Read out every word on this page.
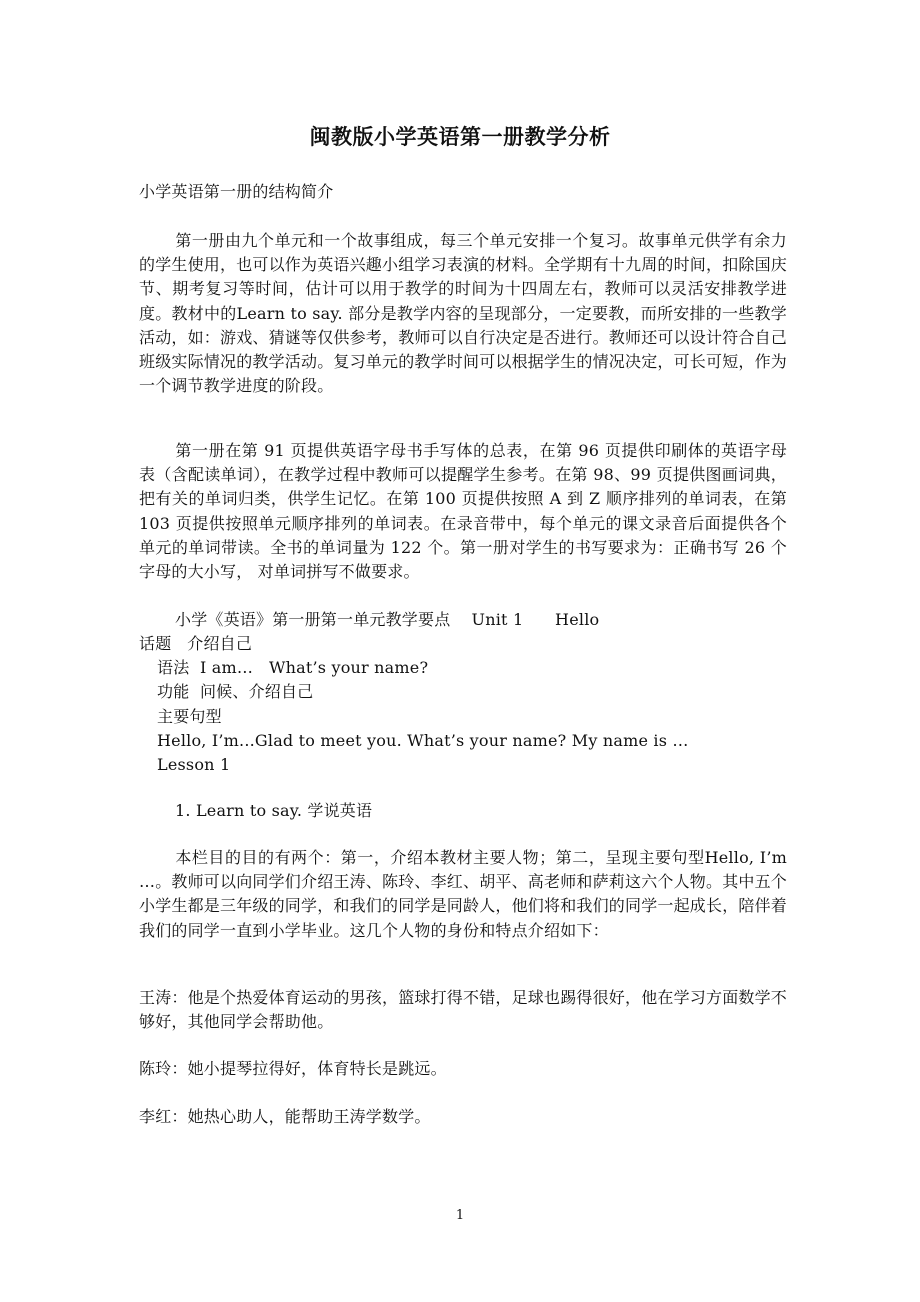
闽教版小学英语第一册教学分析
小学英语第一册的结构简介
第一册由九个单元和一个故事组成，每三个单元安排一个复习。故事单元供学有余力的学生使用，也可以作为英语兴趣小组学习表演的材料。全学期有十九周的时间，扣除国庆节、期考复习等时间，估计可以用于教学的时间为十四周左右，教师可以灵活安排教学进度。教材中的Learn to say. 部分是教学内容的呈现部分，一定要教，而所安排的一些教学活动，如：游戏、猜谜等仅供参考，教师可以自行决定是否进行。教师还可以设计符合自己班级实际情况的教学活动。复习单元的教学时间可以根据学生的情况决定，可长可短，作为一个调节教学进度的阶段。
第一册在第 91 页提供英语字母书手写体的总表，在第 96 页提供印刷体的英语字母表（含配读单词），在教学过程中教师可以提醒学生参考。在第 98、99 页提供图画词典，把有关的单词归类，供学生记忆。在第 100 页提供按照 A 到 Z 顺序排列的单词表，在第 103 页提供按照单元顺序排列的单词表。在录音带中，每个单元的课文录音后面提供各个单元的单词带读。全书的单词量为 122 个。第一册对学生的书写要求为：正确书写 26 个字母的大小写， 对单词拼写不做要求。
小学《英语》第一册第一单元教学要点    Unit 1      Hello
话题   介绍自己
语法  I am…   What’s your name?
功能  问候、介绍自己
主要句型
Hello, I’m...Glad to meet you. What’s your name? My name is …
Lesson 1
1. Learn to say. 学说英语
本栏目的目的有两个：第一，介绍本教材主要人物；第二，呈现主要句型Hello, I’m …。教师可以向同学们介绍王涛、陈玲、李红、胡平、高老师和萨莉这六个人物。其中五个小学生都是三年级的同学，和我们的同学是同龄人，他们将和我们的同学一起成长，陪伴着我们的同学一直到小学毕业。这几个人物的身份和特点介绍如下：
王涛：他是个热爱体育运动的男孩，篮球打得不错，足球也踢得很好，他在学习方面数学不够好，其他同学会帮助他。
陈玲：她小提琴拉得好，体育特长是跳远。
李红：她热心助人，能帮助王涛学数学。
1
